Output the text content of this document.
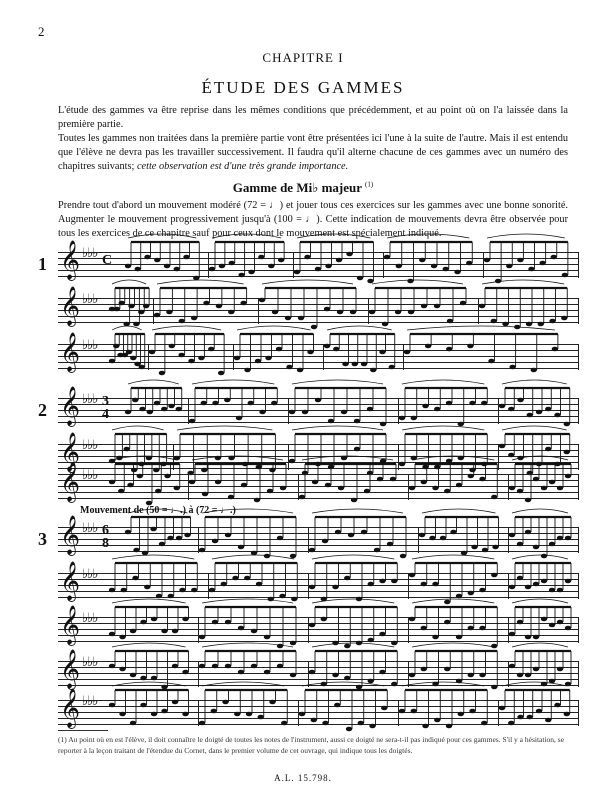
2
CHAPITRE I
ÉTUDE DES GAMMES
L'étude des gammes va être reprise dans les mêmes conditions que précédemment, et au point où on l'a laissée dans la première partie.
Toutes les gammes non traitées dans la première partie vont être présentées ici l'une à la suite de l'autre. Mais il est entendu que l'élève ne devra pas les travailler successivement. Il faudra qu'il alterne chacune de ces gammes avec un numéro des chapitres suivants; cette observation est d'une très grande importance.
Gamme de Mi♭ majeur $^{(1)}$
Prendre tout d'abord un mouvement modéré (72 = ♩) et jouer tous ces exercices sur les gammes avec une bonne sonorité. Augmenter le mouvement progressivement jusqu'à (100 = ♩). Cette indication de mouvements devra être observée pour tous les exercices de ce chapitre sauf pour ceux dont le mouvement est spécialement indiqué.
𝄞 ♭♭♭
1	C
𝄞 ♭♭♭
𝄞 ♭♭♭
𝄞 ♭♭♭
2	3
4
𝄞 ♭♭♭
𝄞 ♭♭♭
𝄞 ♭♭♭
3	6
8
𝄞 ♭♭♭
𝄞 ♭♭♭
𝄞 ♭♭♭
𝄞 ♭♭♭
Mouvement de (50 = ♩.) à (72 = ♩.)
(1) Au point où en est l'élève, il doit connaître le doigté de toutes les notes de l'instrument, aussi ce doigté ne sera-t-il pas indiqué pour ces gammes. S'il y a hésitation, se reporter à la leçon traitant de l'étendue du Cornet, dans le premier volume de cet ouvrage, qui indique tous les doigtés.
A.L. 15.798.
